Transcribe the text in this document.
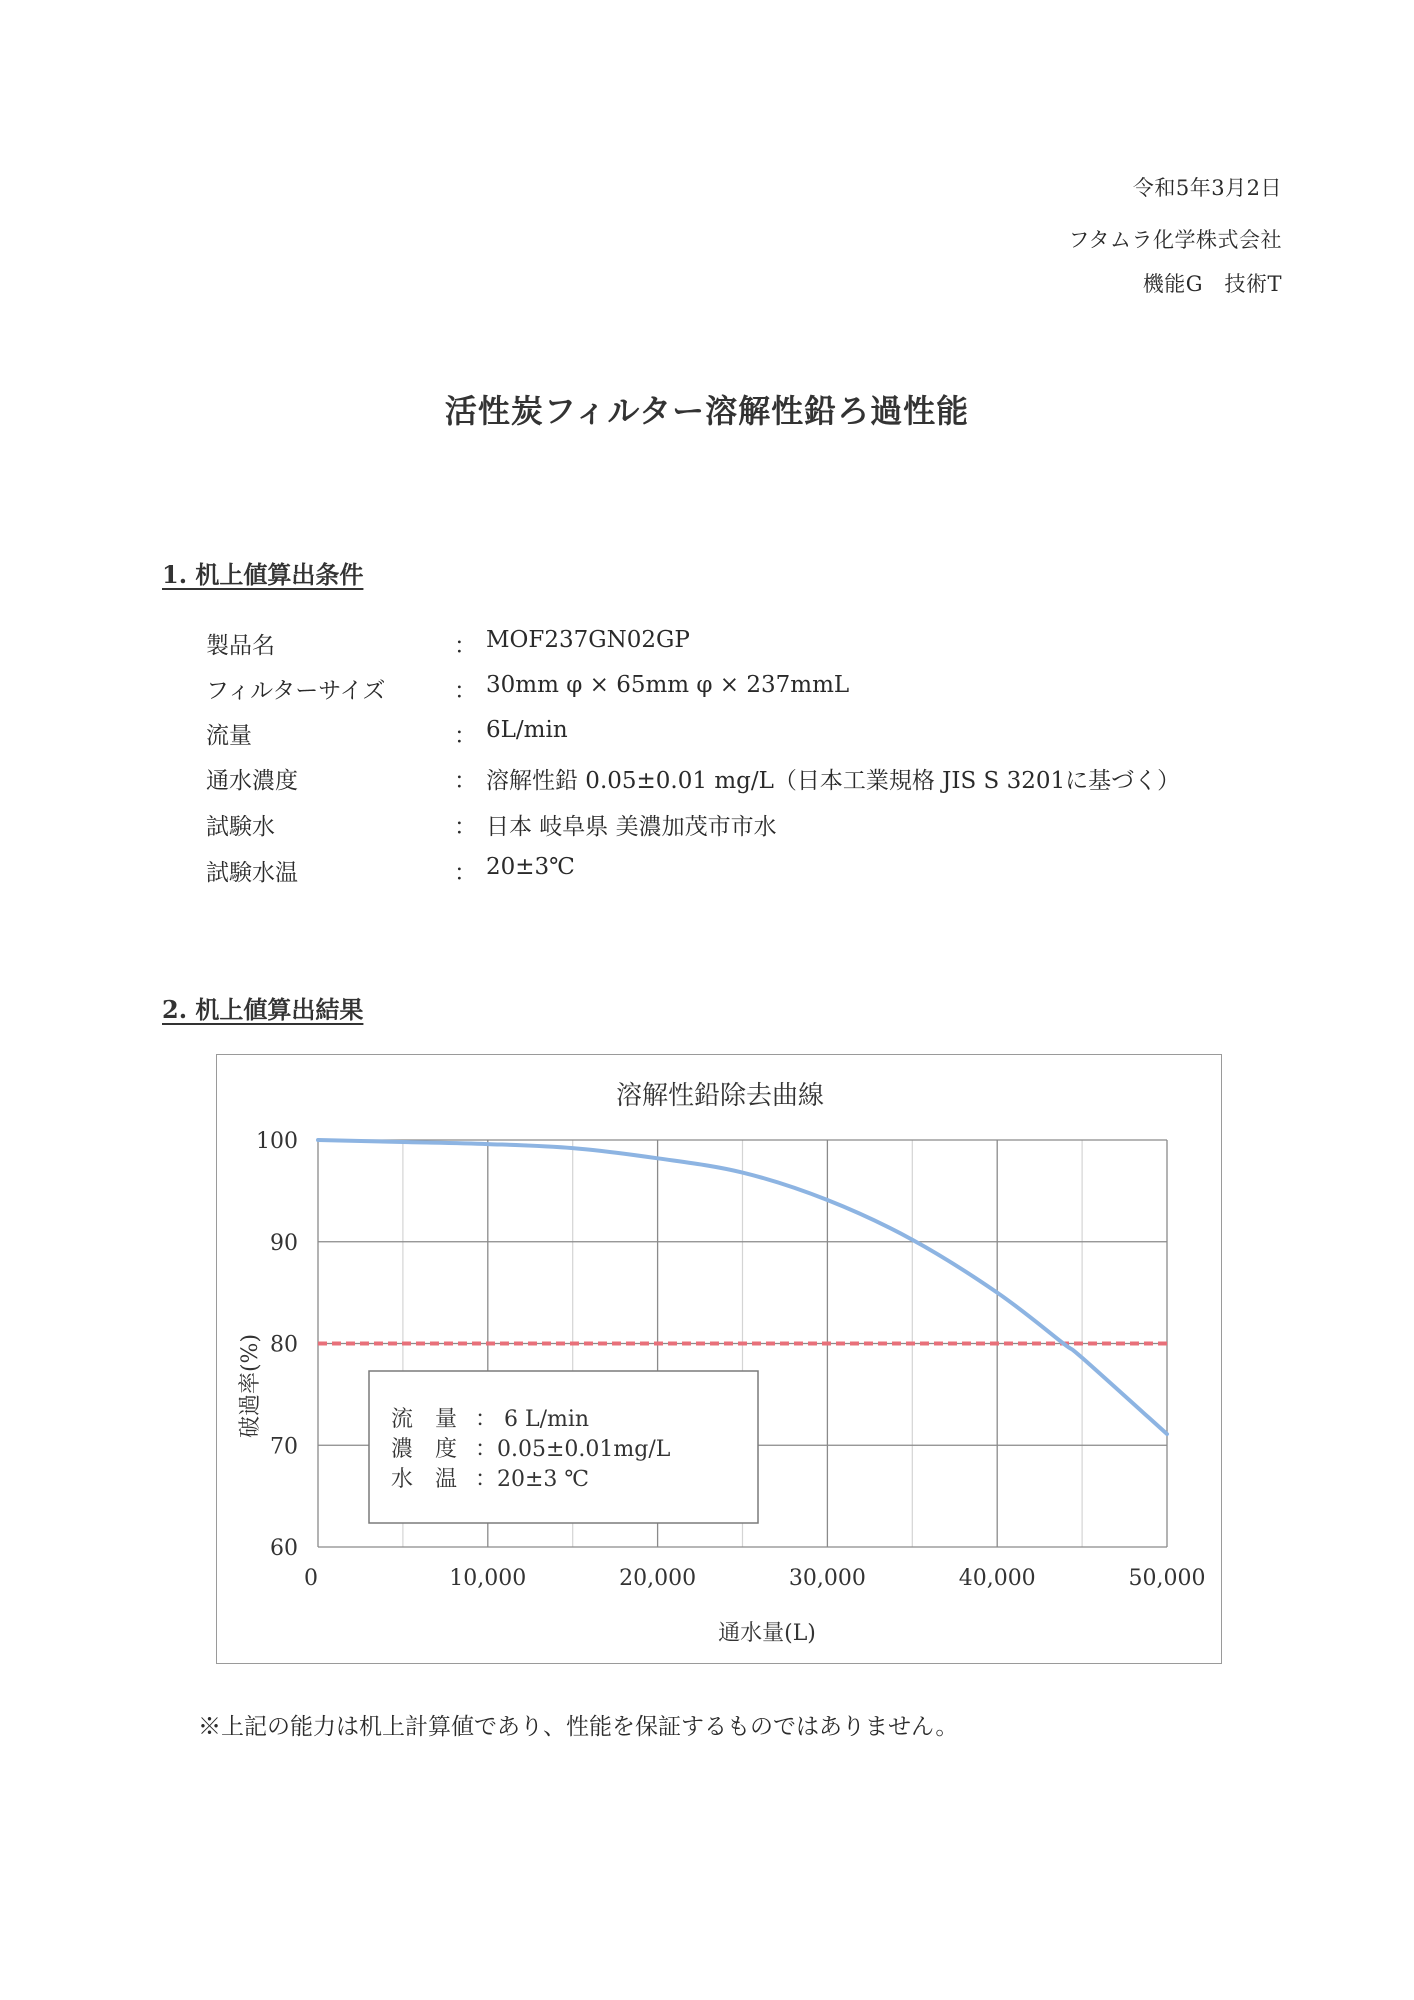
令和5年3月2日
フタムラ化学株式会社
機能G　技術T
活性炭フィルター溶解性鉛ろ過性能
1. 机上値算出条件
製品名	： MOF237GN02GP
フィルターサイズ	： 30mm φ × 65mm φ × 237mmL
流量	： 6L/min
通水濃度	： 溶解性鉛 0.05±0.01 mg/L（日本工業規格 JIS S 3201に基づく）
試験水	： 日本 岐阜県 美濃加茂市市水
試験水温	： 20±3℃
2. 机上値算出結果
流　量 ： 6 L/min
濃　度 ：0.05±0.01mg/L
水　温 ：20±3 ℃
60
70
80
90
100
0	10,000	20,000	30,000	40,000	50,000
溶解性鉛除去曲線
通水量(L)
破過率(%)
※上記の能力は机上計算値であり、性能を保証するものではありません。
